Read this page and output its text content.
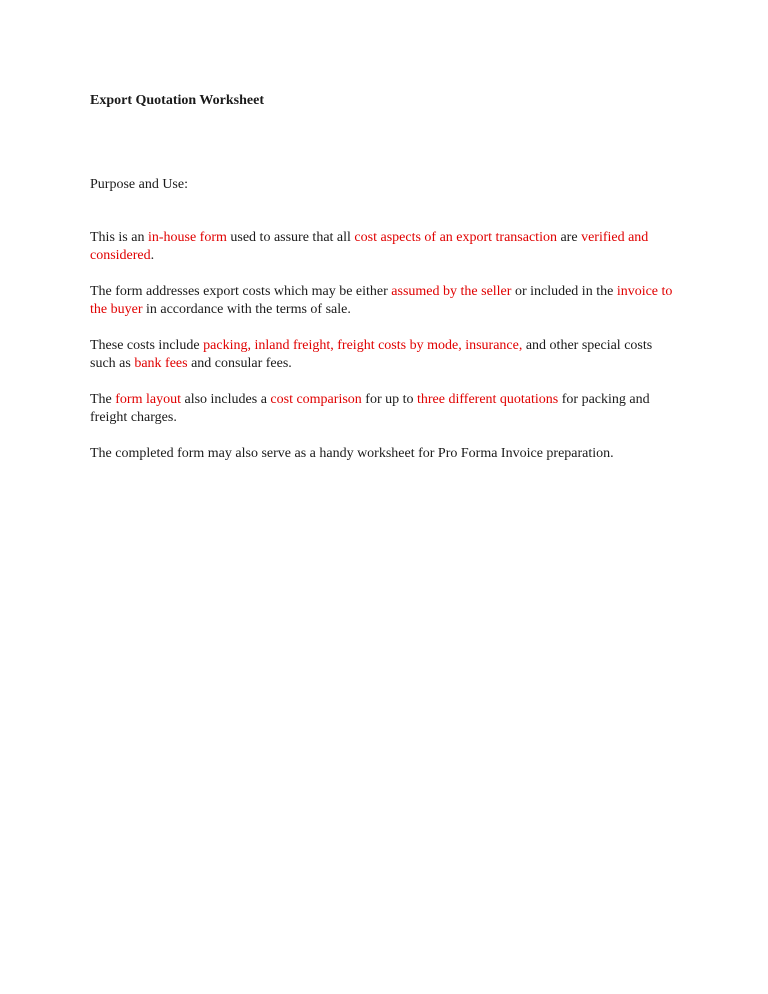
Export Quotation Worksheet

Purpose and Use:

This is an in-house form used to assure that all cost aspects of an export transaction are verified and considered.

The form addresses export costs which may be either assumed by the seller or included in the invoice to the buyer in accordance with the terms of sale.

These costs include packing, inland freight, freight costs by mode, insurance, and other special costs such as bank fees and consular fees.

The form layout also includes a cost comparison for up to three different quotations for packing and freight charges.

The completed form may also serve as a handy worksheet for Pro Forma Invoice preparation.
